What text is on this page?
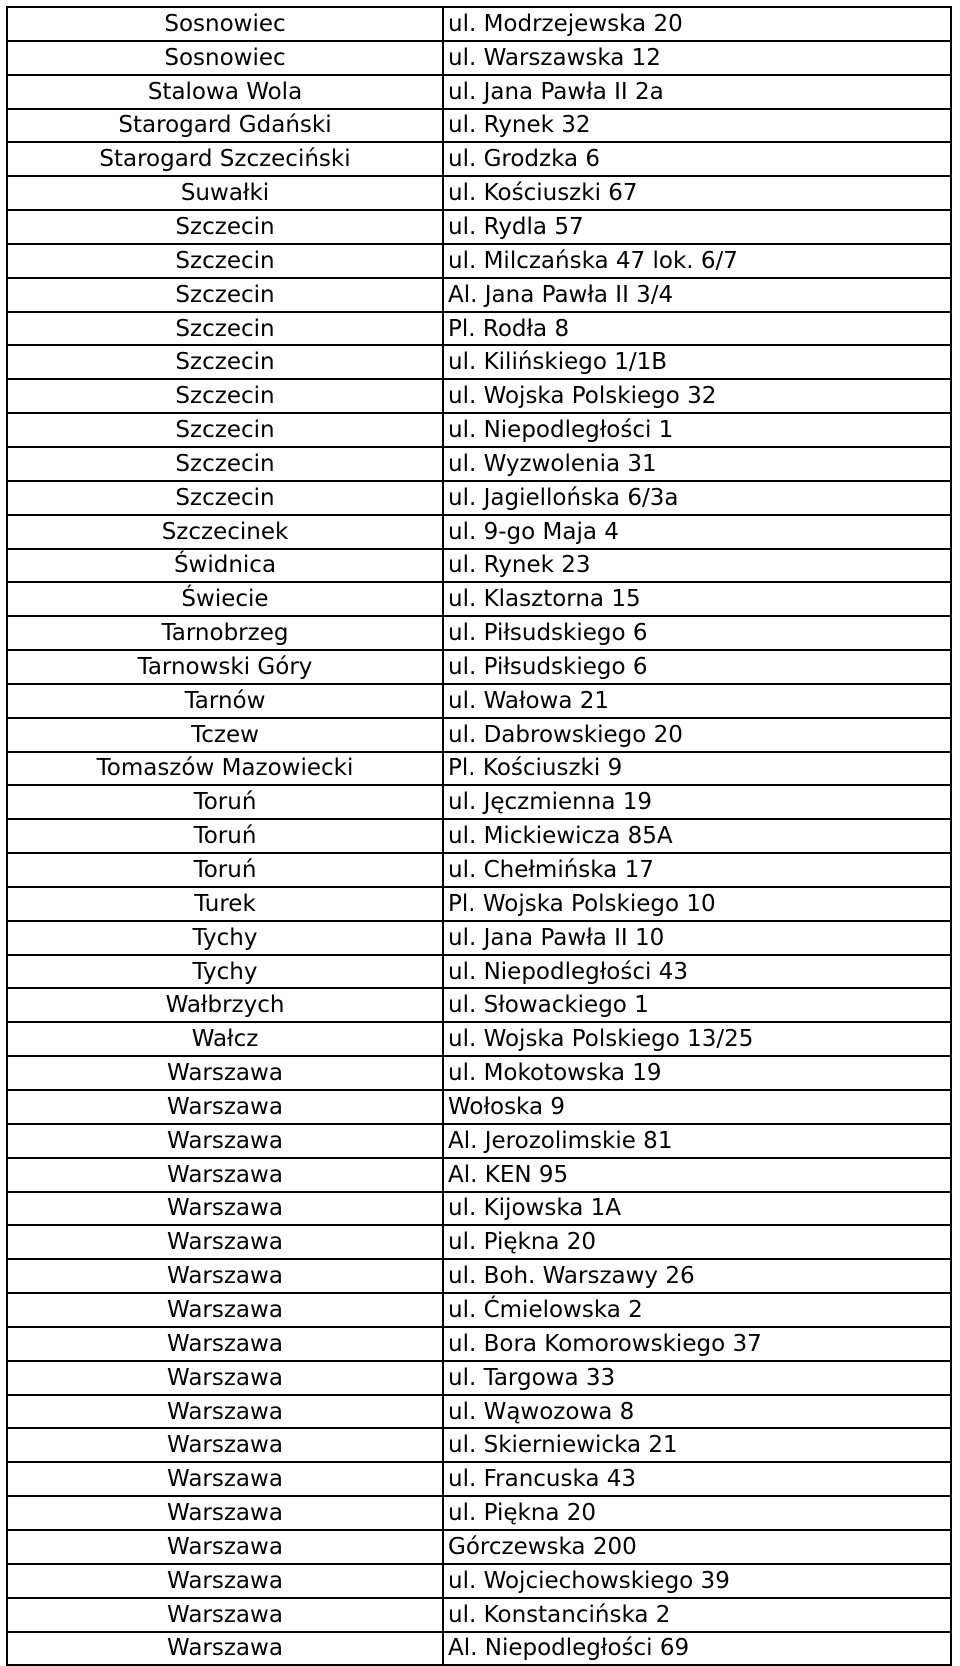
Sosnowiec	ul. Modrzejewska 20
Sosnowiec	ul. Warszawska 12
Stalowa Wola	ul. Jana Pawła II 2a
Starogard Gdański	ul. Rynek 32
Starogard Szczeciński	ul. Grodzka 6
Suwałki	ul. Kościuszki 67
Szczecin	ul. Rydla 57
Szczecin	ul. Milczańska 47 lok. 6/7
Szczecin	Al. Jana Pawła II 3/4
Szczecin	Pl. Rodła 8
Szczecin	ul. Kilińskiego 1/1B
Szczecin	ul. Wojska Polskiego 32
Szczecin	ul. Niepodległości 1
Szczecin	ul. Wyzwolenia 31
Szczecin	ul. Jagiellońska 6/3a
Szczecinek	ul. 9-go Maja 4
Świdnica	ul. Rynek 23
Świecie	ul. Klasztorna 15
Tarnobrzeg	ul. Piłsudskiego 6
Tarnowski Góry	ul. Piłsudskiego 6
Tarnów	ul. Wałowa 21
Tczew	ul. Dabrowskiego 20
Tomaszów Mazowiecki	Pl. Kościuszki 9
Toruń	ul. Jęczmienna 19
Toruń	ul. Mickiewicza 85A
Toruń	ul. Chełmińska 17
Turek	Pl. Wojska Polskiego 10
Tychy	ul. Jana Pawła II 10
Tychy	ul. Niepodległości 43
Wałbrzych	ul. Słowackiego 1
Wałcz	ul. Wojska Polskiego 13/25
Warszawa	ul. Mokotowska 19
Warszawa	Wołoska 9
Warszawa	Al. Jerozolimskie 81
Warszawa	Al. KEN 95
Warszawa	ul. Kijowska 1A
Warszawa	ul. Piękna 20
Warszawa	ul. Boh. Warszawy 26
Warszawa	ul. Ćmielowska 2
Warszawa	ul. Bora Komorowskiego 37
Warszawa	ul. Targowa 33
Warszawa	ul. Wąwozowa 8
Warszawa	ul. Skierniewicka 21
Warszawa	ul. Francuska 43
Warszawa	ul. Piękna 20
Warszawa	Górczewska 200
Warszawa	ul. Wojciechowskiego 39
Warszawa	ul. Konstancińska 2
Warszawa	Al. Niepodległości 69
